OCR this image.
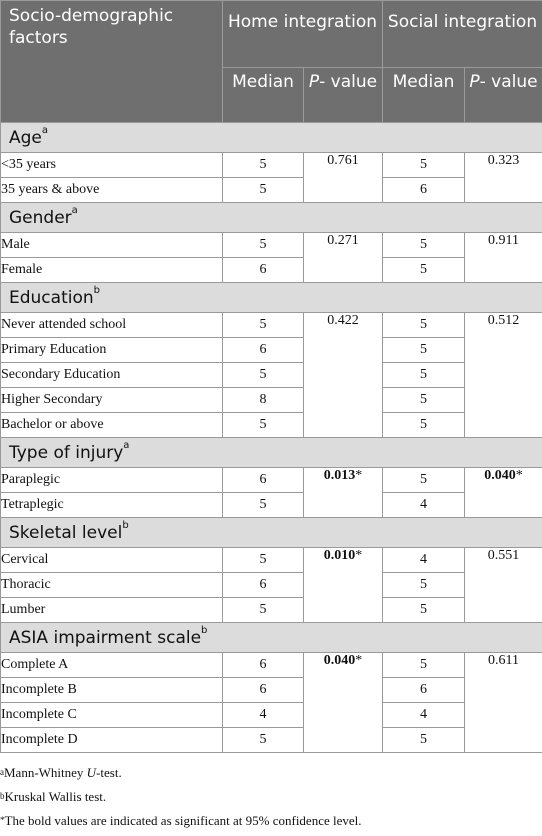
Socio-demographic factors	Home integration		Social integration	
	Median	P- value	Median	P- value
Age$^a$
<35 years	5	0.761	5	0.323
35 years & above	5		6	
Gender$^a$
Male	5	0.271	5	0.911
Female	6		5	
Education$^b$
Never attended school	5	0.422	5	0.512
Primary Education	6		5	
Secondary Education	5		5	
Higher Secondary	8		5	
Bachelor or above	5		5	
Type of injury$^a$
Paraplegic	6	0.013*	5	0.040*
Tetraplegic	5		4	
Skeletal level$^b$
Cervical	5	0.010*	4	0.551
Thoracic	6		5	
Lumber	5		5	
ASIA impairment scale$^b$
Complete A	6	0.040*	5	0.611
Incomplete B	6		6	
Incomplete C	4		4	
Incomplete D	5		5	
$^a$Mann-Whitney U-test.
$^b$Kruskal Wallis test.
*The bold values are indicated as significant at 95% confidence level.
